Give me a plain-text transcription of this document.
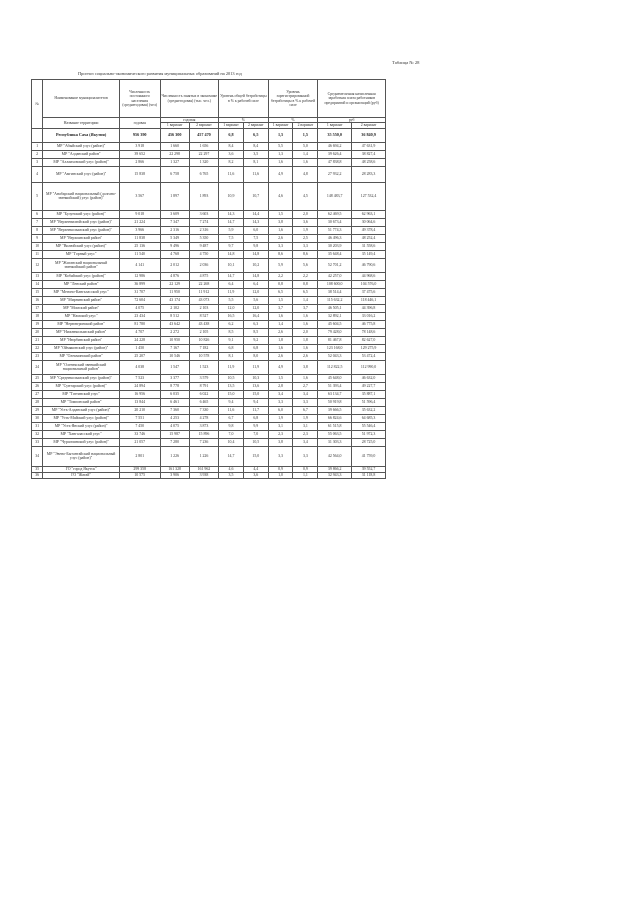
Таблица № 28
Прогноз социально-экономического развития муниципальных образований на 2013 год
№	Наименование муниципалитетов	Численность постоянного населения (среднегодовая) (чел)	Численность занятых в экономике (среднегодовая) (тыс. чел.)		Уровень общей безработицы в % к рабочей силе		Уровень зарегистрированной безработицы в % к рабочей силе		Среднемесячная начисленная заработная плата работников предприятий и организаций (руб)	
	Название территории	годовая	годовая		%		%		руб	
			1 вариант	2 вариант	1 вариант	2 вариант	1 вариант	2 вариант	1 вариант	2 вариант
	Республика Саха (Якутия)	956 390	456 300	457 470	6,8	6,5	1,5	1,5	35 550,0	36 840,9
1	МР "Абыйский улус (район)"	3 918	1 660	1 656	8,4	8,4	5,5	5,0	46 694,2	47 631,9
2	МР "Алданский район"	39 652	22 298	22 297	3,6	3,5	1,3	1,4	39 626,4	38 827,4
3	МР "Аллаиховский улус (район)"	2 866	1 327	1 320	8,2	8,1	1,6	1,6	47 838,8	48 258,6
4	МР "Амгинский улус (район)"	15 838	6 758	6 765	11,6	11,6	4,9	4,8	27 932,2	28 283,3
5	МР "Анабарский национальный (долгано-эвенкийский) улус (район)"	3 567	1 897	1 893	10,9	10,7	4,6	4,5	148 483,7	127 532,4
6	МР "Булунский улус (район)"	9 018	3 609	3 603	14,3	14,4	1,5	2,0	62 469,5	62 963,1
7	МР "Верхневилюйский улус (район)"	21 224	7 347	7 274	14,7	14,3	3,8	3,6	30 673,4	30 064,6
8	МР "Верхнеколымский улус (район)"	3 966	2 316	2 316	5,9	6,0	1,6	1,9	51 774,3	49 378,4
9	МР "Верхоянский район"	11 838	5 349	5 350	7,5	7,5	2,6	2,5	46 496,3	48 252,4
10	МР "Вилюйский улус (район)"	25 136	9 496	9 487	9,7	9,8	3,3	3,3	30 203,9	31 558,6
11	МР "Горный улус"	11 540	4 768	4 750	14,8	14,8	8,6	8,6	35 648,4	35 149,4
12	МР "Жиганский национальный эвенкийский район"	4 141	2 012	2 036	10,1	10,2	5,9	5,6	52 701,2	46 790,6
13	МР "Кобяйский улус (район)"	12 986	4 876	4 875	14,7	14,8	2,2	2,2	42 257,0	44 968,6
14	МР "Ленский район"	36 899	22 129	22 268	6,4	6,4	0,8	0,8	108 600,0	104 576,0
15	МР "Мегино-Кангаласский улус"	31 707	11 950	11 912	11,9	12,0	6,5	6,5	38 514,4	37 475,6
16	МР "Мирнинский район"	72 604	43 174	43 073	5,5	5,6	1,5	1,4	115 632,2	118 446,1
17	МР "Момский район"	4 075	2 102	2 103	12,0	12,0	3,7	3,7	46 505,1	44 396,8
18	МР "Намский улус"	23 434	8 512	8 527	16,5	16,4	1,6	1,6	32 892,1	33 016,2
19	МР "Нерюнгринский район"	81 780	43 642	43 438	6,2	6,3	1,4	1,6	45 604,5	46 775,8
20	МР "Нижнеколымский район"	4 707	2 272	2 105	8,5	8,5	2,6	2,0	79 428,0	78 148,6
21	МР "Нюрбинский район"	24 228	10 950	10 826	9,1	9,2	1,8	1,8	81 467,8	82 627,0
22	МР "Оймяконский улус (район)"	1 450	7 167	7 182	6,8	6,8	1,6	1,6	123 168,0	129 275,9
23	МР "Олекминский район"	25 207	10 546	10 578	8,1	8,0	2,6	2,6	52 043,3	53 472,4
24	МР "Оленекский эвенкийский национальный район"	4 038	1 547	1 523	11,9	11,9	4,9	3,8	112 822,5	112 990,0
25	МР "Среднеколымский улус (район)"	7 523	3 377	3 579	10,5	10,3	1,5	1,6	45 648,0	46 632,0
26	МР "Сунтарский улус (район)"	24 894	8 778	8 791	13,5	13,6	2,8	2,7	51 393,4	49 227,7
27	МР "Таттинский улус"	16 956	6 035	6 022	15,0	15,0	3,4	3,4	63 134,7	35 887,1
28	МР "Томпонский район"	13 844	6 461	6 465	9,4	9,4	3,3	3,3	50 919,8	51 596,4
29	МР "Усть-Алданский улус (район)"	20 210	7 360	7 330	11,6	11,7	6,0	6,7	39 666,5	35 632,2
30	МР "Усть-Майский улус (район)"	7 551	4 253	4 278	6,7	6,8	1,9	1,9	66 824,6	64 685,3
31	МР "Усть-Янский улус (район)"	7 450	4 075	3 873	9,8	9,9	3,1	3,1	61 515,8	55 546,4
32	МР "Хангаласский улус"	33 746	15 987	15 896	7,0	7,0	2,3	2,3	55 063,5	51 972,3
33	МР "Чурапчинский улус (район)"	21 057	7 280	7 236	10,4	10,5	3,8	3,4	31 303,3	28 725,0
34	МР "Эвено-Бытантайский национальный улус (район)"	2 801	1 226	1 226	14,7	15,0	3,3	3,3	42 564,0	41 759,0
35	ГО "город Якутск"	299 358	161 328	161 962	4,6	4,4	0,9	0,9	39 866,2	39 552,7
36	ГО "Жатай"	10 575	3 906	3 938	3,5	3,6	1,0	1,1	32 943,3	31 118,8
